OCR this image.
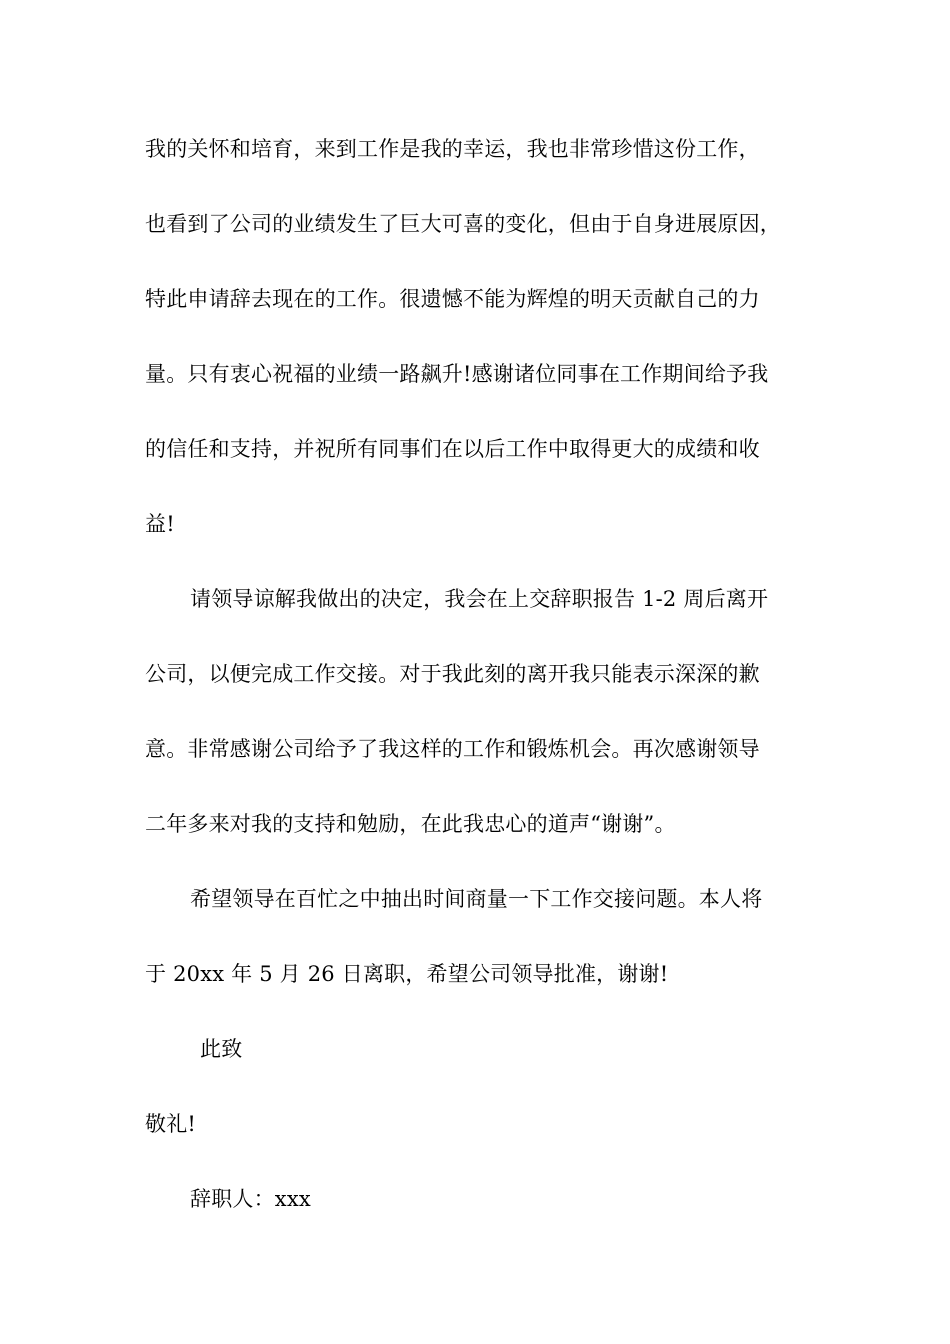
我的关怀和培育，来到工作是我的幸运，我也非常珍惜这份工作，
也看到了公司的业绩发生了巨大可喜的变化，但由于自身进展原因，
特此申请辞去现在的工作。很遗憾不能为辉煌的明天贡献自己的力
量。只有衷心祝福的业绩一路飙升!感谢诸位同事在工作期间给予我
的信任和支持，并祝所有同事们在以后工作中取得更大的成绩和收
益!
请领导谅解我做出的决定，我会在上交辞职报告 1-2 周后离开
公司，以便完成工作交接。对于我此刻的离开我只能表示深深的歉
意。非常感谢公司给予了我这样的工作和锻炼机会。再次感谢领导
二年多来对我的支持和勉励，在此我忠心的道声“谢谢”。
希望领导在百忙之中抽出时间商量一下工作交接问题。本人将
于 20xx 年 5 月 26 日离职，希望公司领导批准，谢谢!
此致
敬礼!
辞职人：xxx
